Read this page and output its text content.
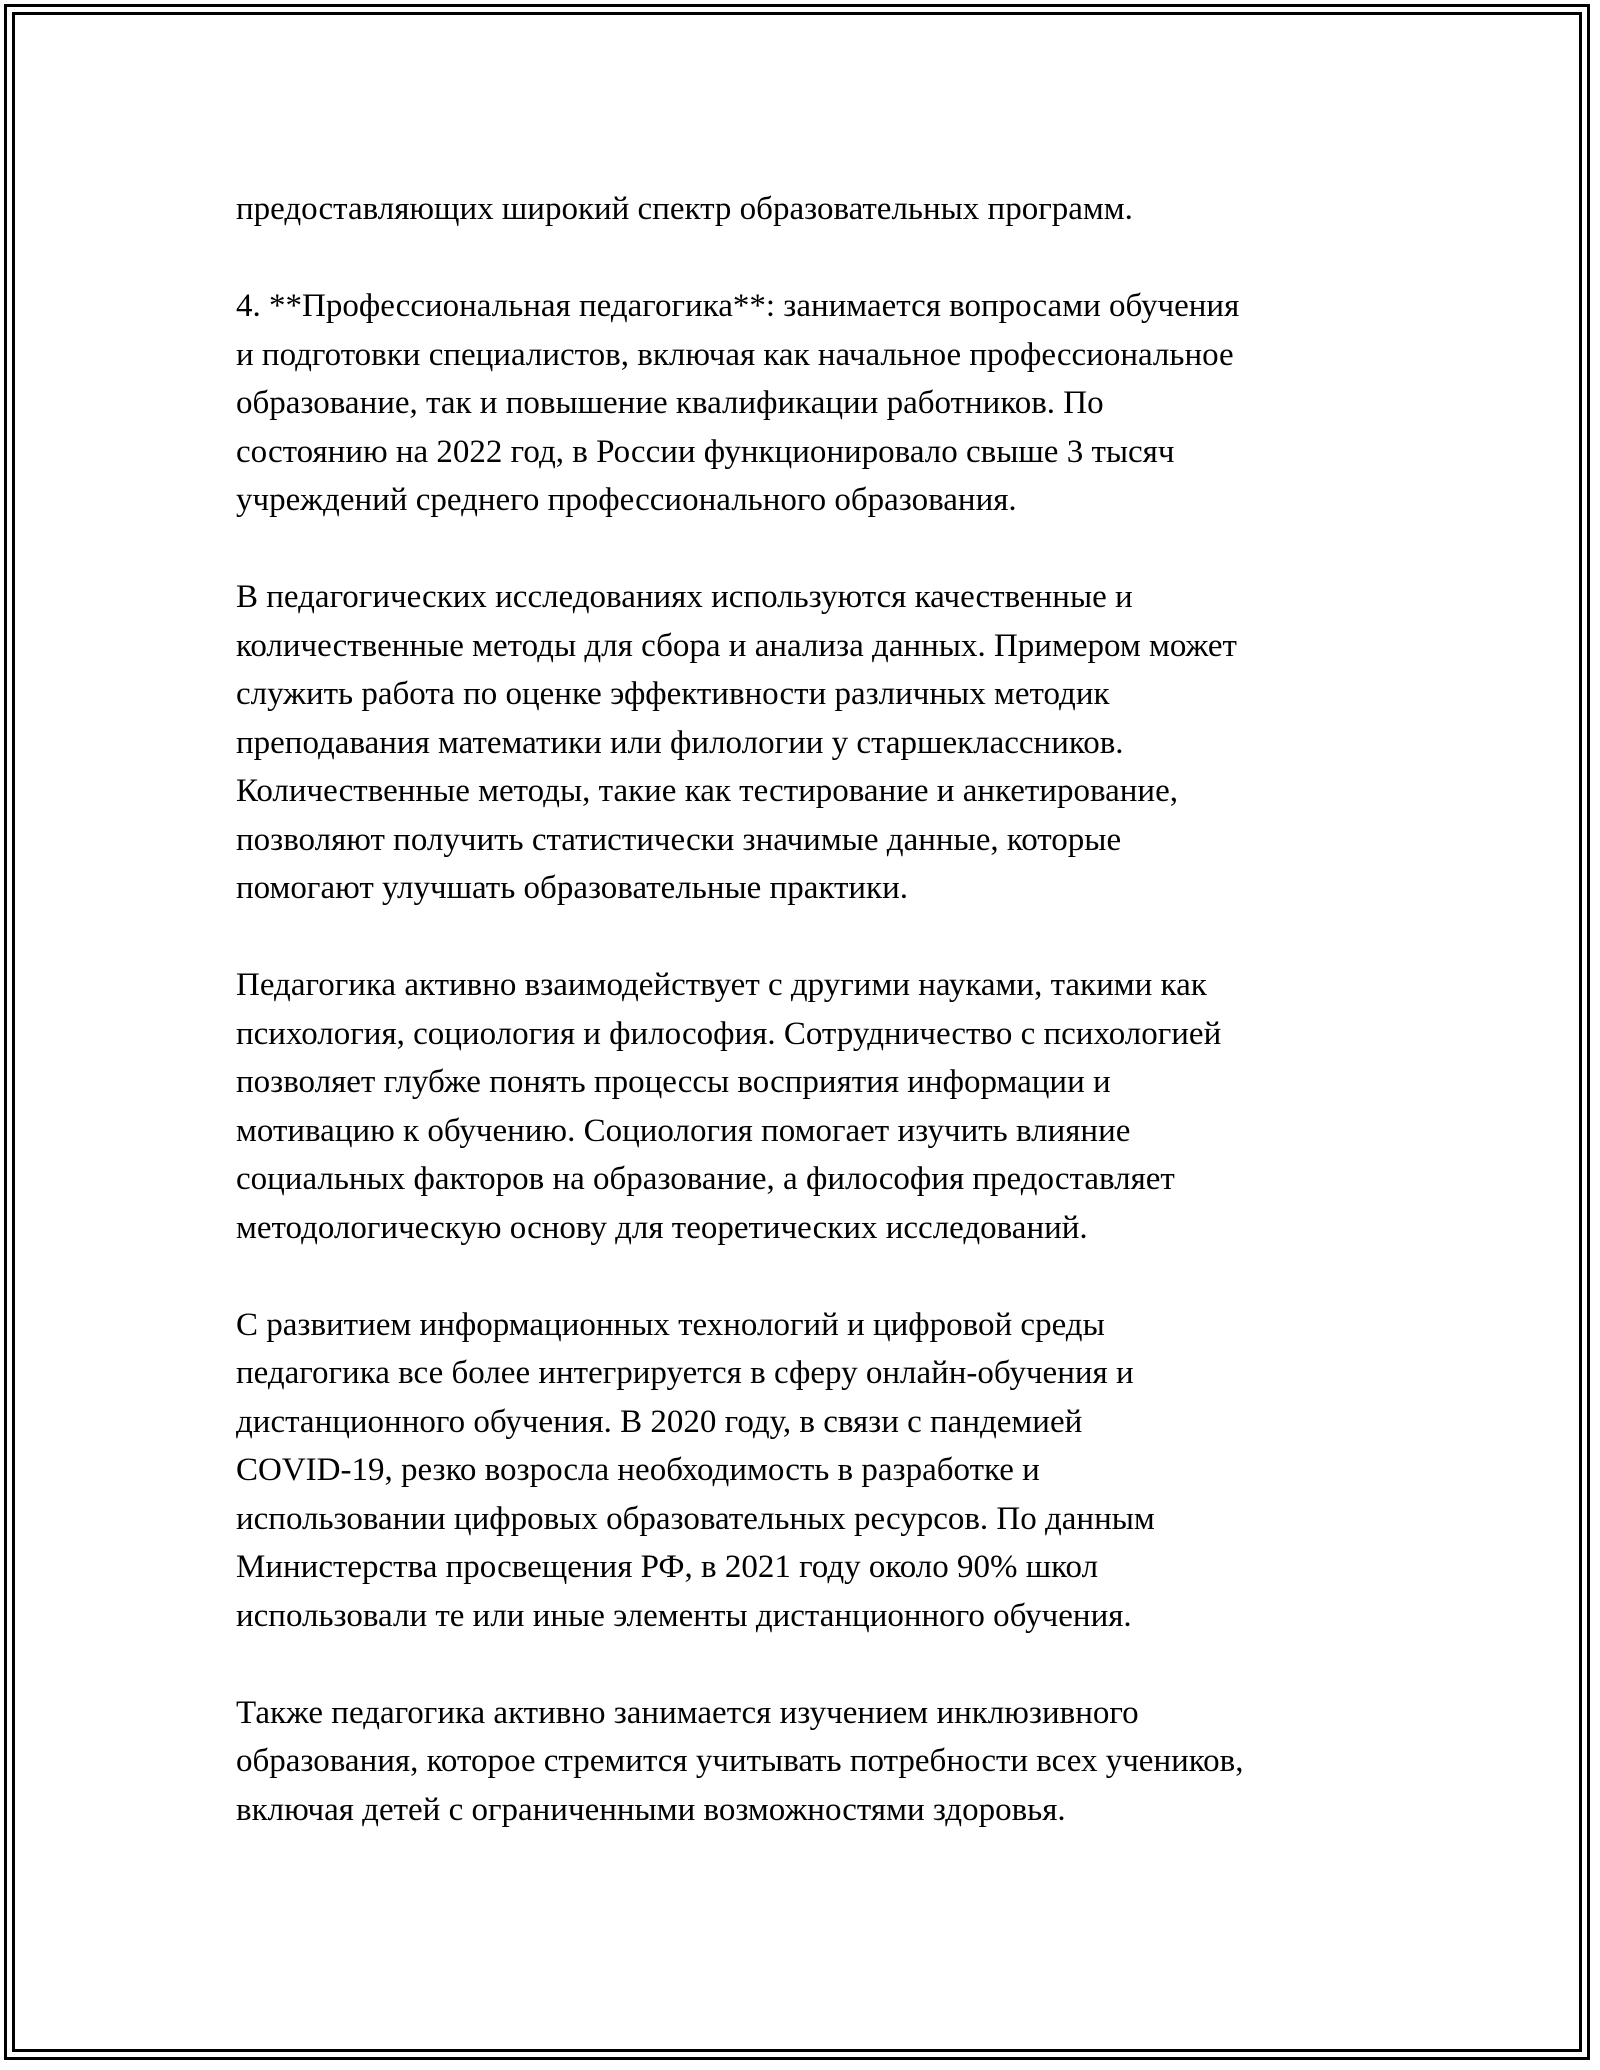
предоставляющих широкий спектр образовательных программ.

4. **Профессиональная педагогика**: занимается вопросами обучения
и подготовки специалистов, включая как начальное профессиональное
образование, так и повышение квалификации работников. По
состоянию на 2022 год, в России функционировало свыше 3 тысяч
учреждений среднего профессионального образования.

В педагогических исследованиях используются качественные и
количественные методы для сбора и анализа данных. Примером может
служить работа по оценке эффективности различных методик
преподавания математики или филологии у старшеклассников.
Количественные методы, такие как тестирование и анкетирование,
позволяют получить статистически значимые данные, которые
помогают улучшать образовательные практики.

Педагогика активно взаимодействует с другими науками, такими как
психология, социология и философия. Сотрудничество с психологией
позволяет глубже понять процессы восприятия информации и
мотивацию к обучению. Социология помогает изучить влияние
социальных факторов на образование, а философия предоставляет
методологическую основу для теоретических исследований.

С развитием информационных технологий и цифровой среды
педагогика все более интегрируется в сферу онлайн-обучения и
дистанционного обучения. В 2020 году, в связи с пандемией
COVID-19, резко возросла необходимость в разработке и
использовании цифровых образовательных ресурсов. По данным
Министерства просвещения РФ, в 2021 году около 90% школ
использовали те или иные элементы дистанционного обучения.

Также педагогика активно занимается изучением инклюзивного
образования, которое стремится учитывать потребности всех учеников,
включая детей с ограниченными возможностями здоровья.
